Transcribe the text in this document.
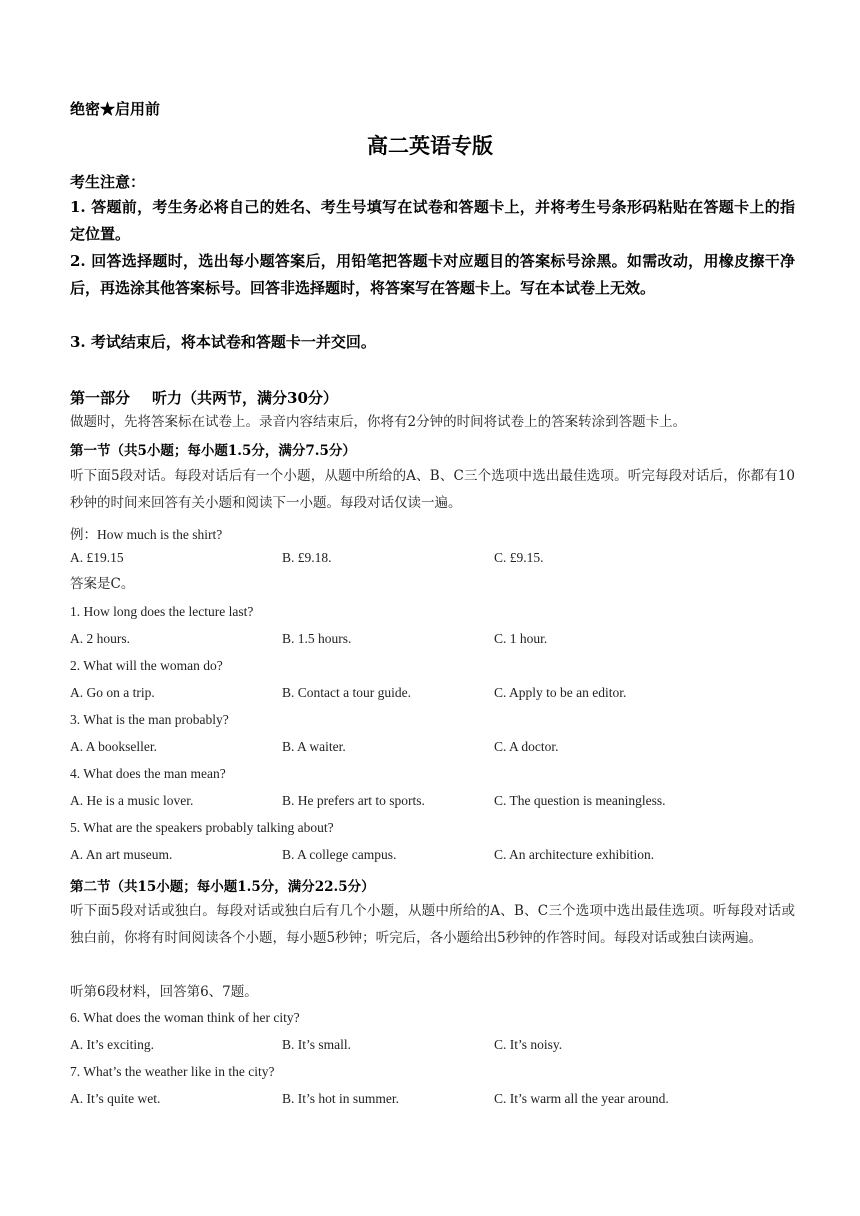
绝密★启用前
高二英语专版
考生注意：
1. 答题前，考生务必将自己的姓名、考生号填写在试卷和答题卡上，并将考生号条形码粘贴在答题卡上的指定位置。
2. 回答选择题时，选出每小题答案后，用铅笔把答题卡对应题目的答案标号涂黑。如需改动，用橡皮擦干净后，再选涂其他答案标号。回答非选择题时，将答案写在答题卡上。写在本试卷上无效。
3. 考试结束后，将本试卷和答题卡一并交回。
第一部分 听力（共两节，满分30分）
做题时，先将答案标在试卷上。录音内容结束后，你将有2分钟的时间将试卷上的答案转涂到答题卡上。
第一节（共5小题；每小题1.5分，满分7.5分）
听下面5段对话。每段对话后有一个小题，从题中所给的A、B、C三个选项中选出最佳选项。听完每段对话后，你都有10秒钟的时间来回答有关小题和阅读下一小题。每段对话仅读一遍。
例：How much is the shirt?
A. £19.15	B. £9.18.	C. £9.15.
答案是C。
1. How long does the lecture last?
A. 2 hours.	B. 1.5 hours.	C. 1 hour.
2. What will the woman do?
A. Go on a trip.	B. Contact a tour guide.	C. Apply to be an editor.
3. What is the man probably?
A. A bookseller.	B. A waiter.	C. A doctor.
4. What does the man mean?
A. He is a music lover.	B. He prefers art to sports.	C. The question is meaningless.
5. What are the speakers probably talking about?
A. An art museum.	B. A college campus.	C. An architecture exhibition.
第二节（共15小题；每小题1.5分，满分22.5分）
听下面5段对话或独白。每段对话或独白后有几个小题，从题中所给的A、B、C三个选项中选出最佳选项。听每段对话或独白前，你将有时间阅读各个小题，每小题5秒钟；听完后，各小题给出5秒钟的作答时间。每段对话或独白读两遍。
听第6段材料，回答第6、7题。
6. What does the woman think of her city?
A. It’s exciting.	B. It’s small.	C. It’s noisy.
7. What’s the weather like in the city?
A. It’s quite wet.	B. It’s hot in summer.	C. It’s warm all the year around.
